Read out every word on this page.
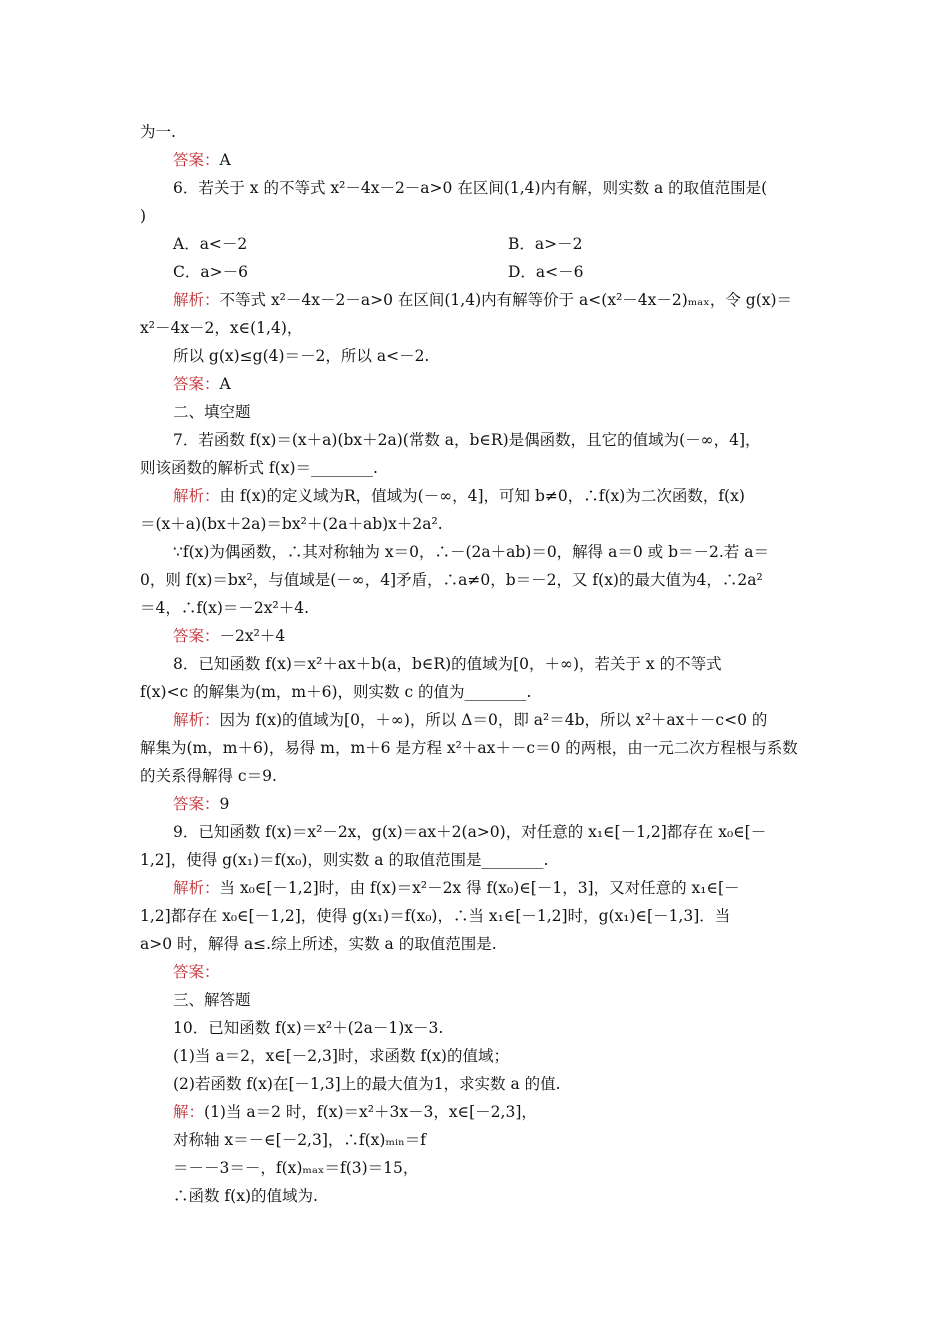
为一.
答案：A
6．若关于 x 的不等式 x²－4x－2－a>0 在区间(1,4)内有解，则实数 a 的取值范围是(
)
A．a<－2	B．a>－2
C．a>－6	D．a<－6
解析：不等式 x²－4x－2－a>0 在区间(1,4)内有解等价于 a<(x²－4x－2)ₘₐₓ，令 g(x)＝
x²－4x－2，x∈(1,4)，
所以 g(x)≤g(4)＝－2，所以 a<－2.
答案：A
二、填空题
7．若函数 f(x)＝(x＋a)(bx＋2a)(常数 a，b∈R)是偶函数，且它的值域为(－∞，4]，
则该函数的解析式 f(x)＝________.
解析：由 f(x)的定义域为R，值域为(－∞，4]，可知 b≠0，∴f(x)为二次函数，f(x)
＝(x＋a)(bx＋2a)＝bx²＋(2a＋ab)x＋2a².
∵f(x)为偶函数，∴其对称轴为 x＝0，∴－(2a＋ab)＝0，解得 a＝0 或 b＝－2.若 a＝
0，则 f(x)＝bx²，与值域是(－∞，4]矛盾，∴a≠0，b＝－2，又 f(x)的最大值为4，∴2a²
＝4，∴f(x)＝－2x²＋4.
答案：－2x²＋4
8．已知函数 f(x)＝x²＋ax＋b(a，b∈R)的值域为[0，＋∞)，若关于 x 的不等式
f(x)<c 的解集为(m，m＋6)，则实数 c 的值为________.
解析：因为 f(x)的值域为[0，＋∞)，所以 Δ＝0，即 a²＝4b，所以 x²＋ax＋－c<0 的
解集为(m，m＋6)，易得 m，m＋6 是方程 x²＋ax＋－c＝0 的两根，由一元二次方程根与系数
的关系得解得 c＝9.
答案：9
9．已知函数 f(x)＝x²－2x，g(x)＝ax＋2(a>0)，对任意的 x₁∈[－1,2]都存在 x₀∈[－
1,2]，使得 g(x₁)＝f(x₀)，则实数 a 的取值范围是________.
解析：当 x₀∈[－1,2]时，由 f(x)＝x²－2x 得 f(x₀)∈[－1，3]，又对任意的 x₁∈[－
1,2]都存在 x₀∈[－1,2]，使得 g(x₁)＝f(x₀)，∴当 x₁∈[－1,2]时，g(x₁)∈[－1,3]．当
a>0 时，解得 a≤.综上所述，实数 a 的取值范围是.
答案：
三、解答题
10．已知函数 f(x)＝x²＋(2a－1)x－3.
(1)当 a＝2，x∈[－2,3]时，求函数 f(x)的值域；
(2)若函数 f(x)在[－1,3]上的最大值为1，求实数 a 的值.
解：(1)当 a＝2 时，f(x)＝x²＋3x－3，x∈[－2,3]，
对称轴 x＝－∈[－2,3]，∴f(x)ₘᵢₙ＝f
＝－－3＝－，f(x)ₘₐₓ＝f(3)＝15，
∴函数 f(x)的值域为.
